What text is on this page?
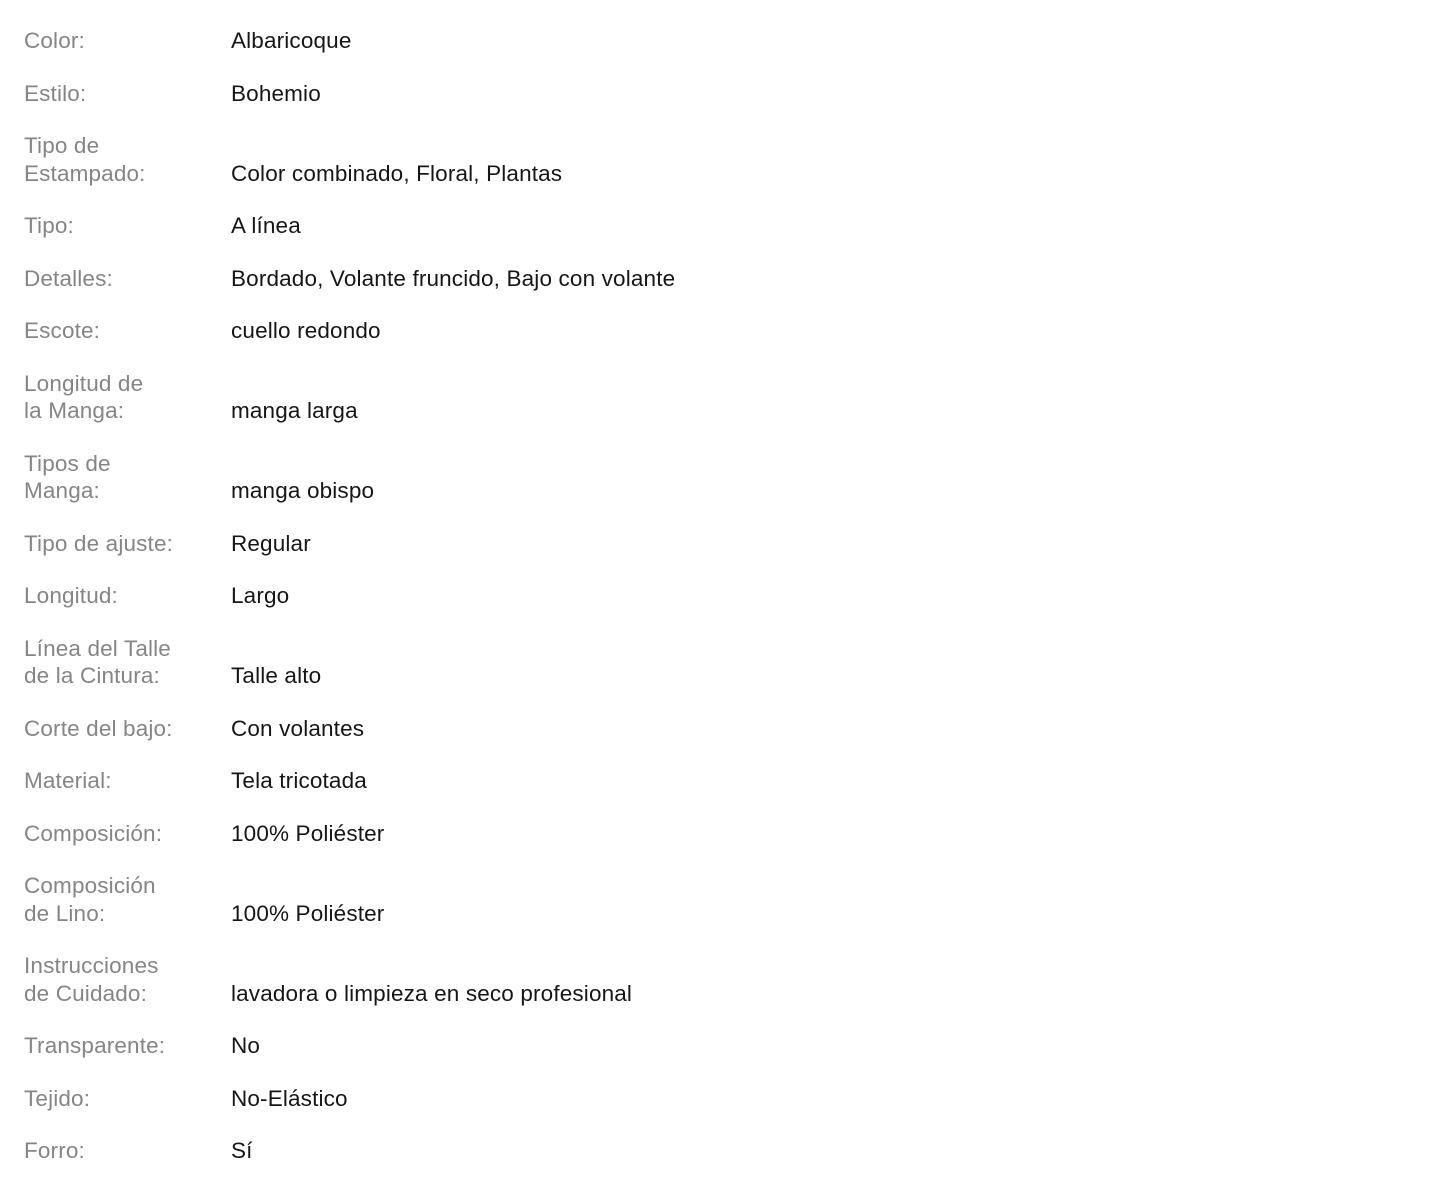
Color:	Albaricoque
Estilo:	Bohemio
Tipo de
Estampado:	Color combinado, Floral, Plantas
Tipo:	A línea
Detalles:	Bordado, Volante fruncido, Bajo con volante
Escote:	cuello redondo
Longitud de
la Manga:	manga larga
Tipos de
Manga:	manga obispo
Tipo de ajuste:	Regular
Longitud:	Largo
Línea del Talle
de la Cintura:	Talle alto
Corte del bajo:	Con volantes
Material:	Tela tricotada
Composición:	100% Poliéster
Composición
de Lino:	100% Poliéster
Instrucciones
de Cuidado:	lavadora o limpieza en seco profesional
Transparente:	No
Tejido:	No-Elástico
Forro:	Sí
